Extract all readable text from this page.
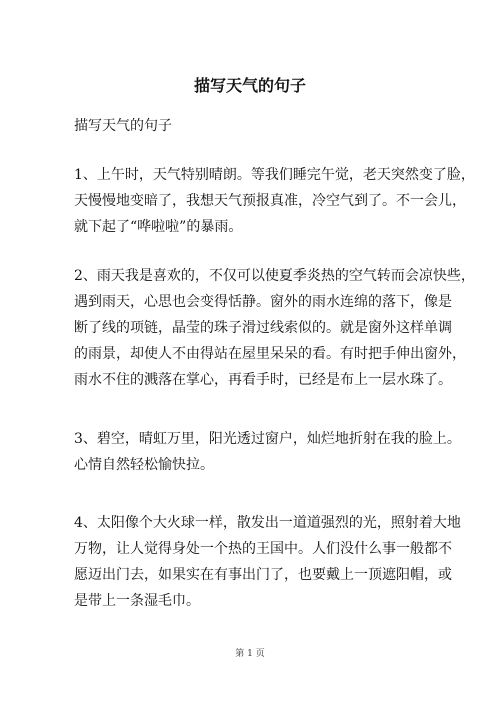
描写天气的句子
描写天气的句子
1、上午时，天气特别晴朗。等我们睡完午觉，老天突然变了脸，
天慢慢地变暗了，我想天气预报真准，冷空气到了。不一会儿，
就下起了“哗啦啦”的暴雨。
2、雨天我是喜欢的，不仅可以使夏季炎热的空气转而会凉快些，
遇到雨天，心思也会变得恬静。窗外的雨水连绵的落下，像是
断了线的项链，晶莹的珠子滑过线索似的。就是窗外这样单调
的雨景，却使人不由得站在屋里呆呆的看。有时把手伸出窗外，
雨水不住的溅落在掌心，再看手时，已经是布上一层水珠了。
3、碧空，晴虹万里，阳光透过窗户，灿烂地折射在我的脸上。
心情自然轻松愉快拉。
4、太阳像个大火球一样，散发出一道道强烈的光，照射着大地
万物，让人觉得身处一个热的王国中。人们没什么事一般都不
愿迈出门去，如果实在有事出门了，也要戴上一顶遮阳帽，或
是带上一条湿毛巾。
第 1 页
